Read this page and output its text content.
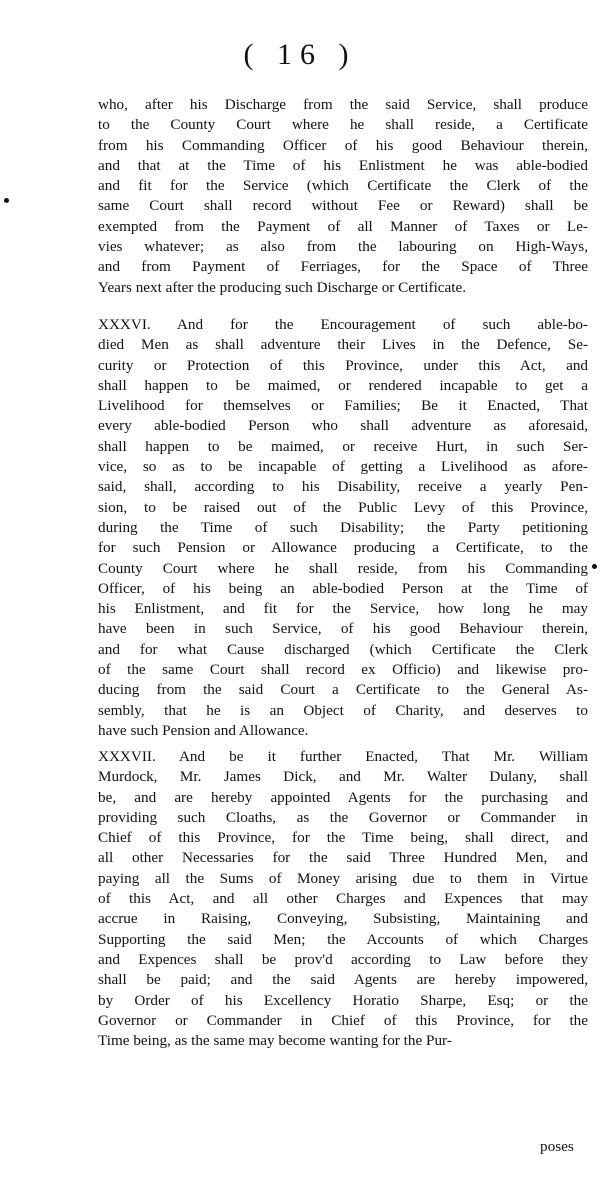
( 16 )
who, after his Discharge from the said Service, shall produce
to the County Court where he shall reside, a Certificate
from his Commanding Officer of his good Behaviour therein,
and that at the Time of his Enlistment he was able-bodied
and fit for the Service (which Certificate the Clerk of the
same Court shall record without Fee or Reward) shall be
exempted from the Payment of all Manner of Taxes or Le-
vies whatever; as also from the labouring on High-Ways,
and from Payment of Ferriages, for the Space of Three
Years next after the producing such Discharge or Certificate.
XXXVI. And for the Encouragement of such able-bo-
died Men as shall adventure their Lives in the Defence, Se-
curity or Protection of this Province, under this Act, and
shall happen to be maimed, or rendered incapable to get a
Livelihood for themselves or Families; Be it Enacted, That
every able-bodied Person who shall adventure as aforesaid,
shall happen to be maimed, or receive Hurt, in such Ser-
vice, so as to be incapable of getting a Livelihood as afore-
said, shall, according to his Disability, receive a yearly Pen-
sion, to be raised out of the Public Levy of this Province,
during the Time of such Disability; the Party petitioning
for such Pension or Allowance producing a Certificate, to the
County Court where he shall reside, from his Commanding
Officer, of his being an able-bodied Person at the Time of
his Enlistment, and fit for the Service, how long he may
have been in such Service, of his good Behaviour therein,
and for what Cause discharged (which Certificate the Clerk
of the same Court shall record ex Officio) and likewise pro-
ducing from the said Court a Certificate to the General As-
sembly, that he is an Object of Charity, and deserves to
have such Pension and Allowance.
XXXVII. And be it further Enacted, That Mr. William
Murdock, Mr. James Dick, and Mr. Walter Dulany, shall
be, and are hereby appointed Agents for the purchasing and
providing such Cloaths, as the Governor or Commander in
Chief of this Province, for the Time being, shall direct, and
all other Necessaries for the said Three Hundred Men, and
paying all the Sums of Money arising due to them in Virtue
of this Act, and all other Charges and Expences that may
accrue in Raising, Conveying, Subsisting, Maintaining and
Supporting the said Men; the Accounts of which Charges
and Expences shall be prov'd according to Law before they
shall be paid; and the said Agents are hereby impowered,
by Order of his Excellency Horatio Sharpe, Esq; or the
Governor or Commander in Chief of this Province, for the
Time being, as the same may become wanting for the Pur-
poses
